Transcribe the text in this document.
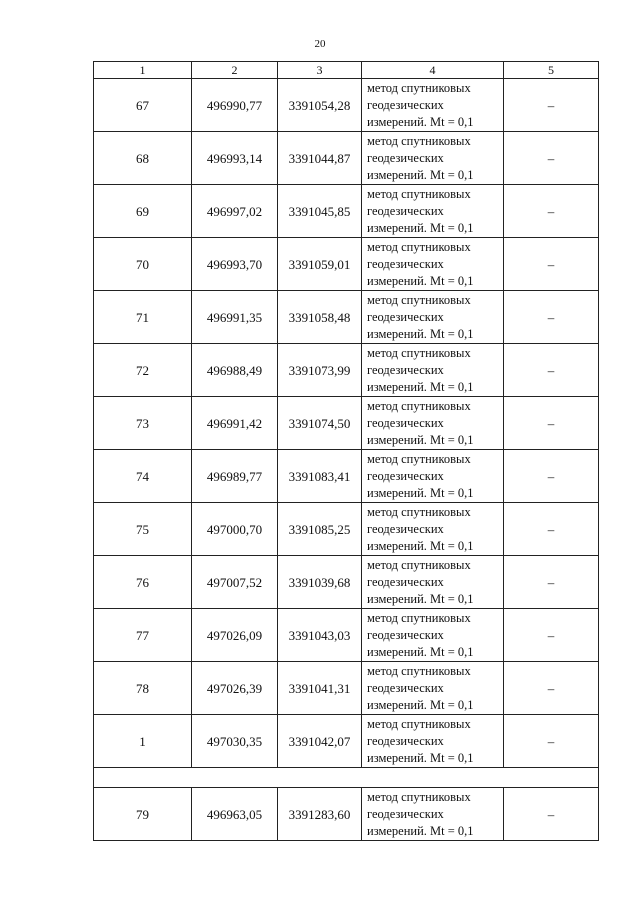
20
1	2	3	4	5
67	496990,77	3391054,28	метод спутниковых
геодезических
измерений. Mt = 0,1	–
68	496993,14	3391044,87	метод спутниковых
геодезических
измерений. Mt = 0,1	–
69	496997,02	3391045,85	метод спутниковых
геодезических
измерений. Mt = 0,1	–
70	496993,70	3391059,01	метод спутниковых
геодезических
измерений. Mt = 0,1	–
71	496991,35	3391058,48	метод спутниковых
геодезических
измерений. Mt = 0,1	–
72	496988,49	3391073,99	метод спутниковых
геодезических
измерений. Mt = 0,1	–
73	496991,42	3391074,50	метод спутниковых
геодезических
измерений. Mt = 0,1	–
74	496989,77	3391083,41	метод спутниковых
геодезических
измерений. Mt = 0,1	–
75	497000,70	3391085,25	метод спутниковых
геодезических
измерений. Mt = 0,1	–
76	497007,52	3391039,68	метод спутниковых
геодезических
измерений. Mt = 0,1	–
77	497026,09	3391043,03	метод спутниковых
геодезических
измерений. Mt = 0,1	–
78	497026,39	3391041,31	метод спутниковых
геодезических
измерений. Mt = 0,1	–
1	497030,35	3391042,07	метод спутниковых
геодезических
измерений. Mt = 0,1	–

79	496963,05	3391283,60	метод спутниковых
геодезических
измерений. Mt = 0,1	–
